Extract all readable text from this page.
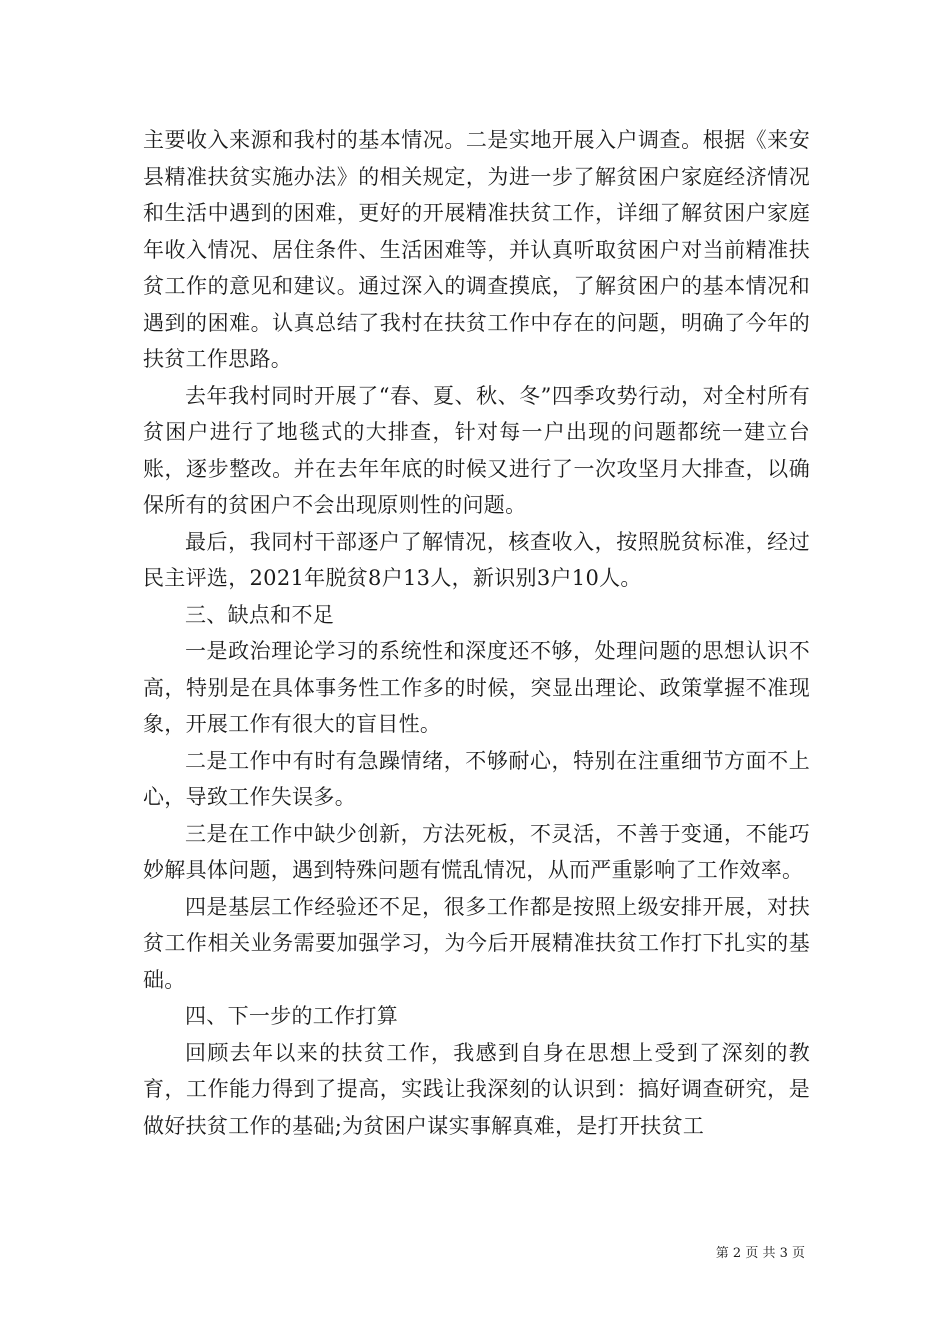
主要收入来源和我村的基本情况。二是实地开展入户调查。根据《来安县精准扶贫实施办法》的相关规定，为进一步了解贫困户家庭经济情况和生活中遇到的困难，更好的开展精准扶贫工作，详细了解贫困户家庭年收入情况、居住条件、生活困难等，并认真听取贫困户对当前精准扶贫工作的意见和建议。通过深入的调查摸底，了解贫困户的基本情况和遇到的困难。认真总结了我村在扶贫工作中存在的问题，明确了今年的扶贫工作思路。

去年我村同时开展了“春、夏、秋、冬”四季攻势行动，对全村所有贫困户进行了地毯式的大排查，针对每一户出现的问题都统一建立台账，逐步整改。并在去年年底的时候又进行了一次攻坚月大排查，以确保所有的贫困户不会出现原则性的问题。

最后，我同村干部逐户了解情况，核查收入，按照脱贫标准，经过民主评选，2021年脱贫8户13人，新识别3户10人。

三、缺点和不足

一是政治理论学习的系统性和深度还不够，处理问题的思想认识不高，特别是在具体事务性工作多的时候，突显出理论、政策掌握不准现象，开展工作有很大的盲目性。

二是工作中有时有急躁情绪，不够耐心，特别在注重细节方面不上心，导致工作失误多。

三是在工作中缺少创新，方法死板，不灵活，不善于变通，不能巧妙解具体问题，遇到特殊问题有慌乱情况，从而严重影响了工作效率。

四是基层工作经验还不足，很多工作都是按照上级安排开展，对扶贫工作相关业务需要加强学习，为今后开展精准扶贫工作打下扎实的基础。

四、下一步的工作打算

回顾去年以来的扶贫工作，我感到自身在思想上受到了深刻的教育，工作能力得到了提高，实践让我深刻的认识到：搞好调查研究，是做好扶贫工作的基础;为贫困户谋实事解真难，是打开扶贫工

第 2 页 共 3 页
